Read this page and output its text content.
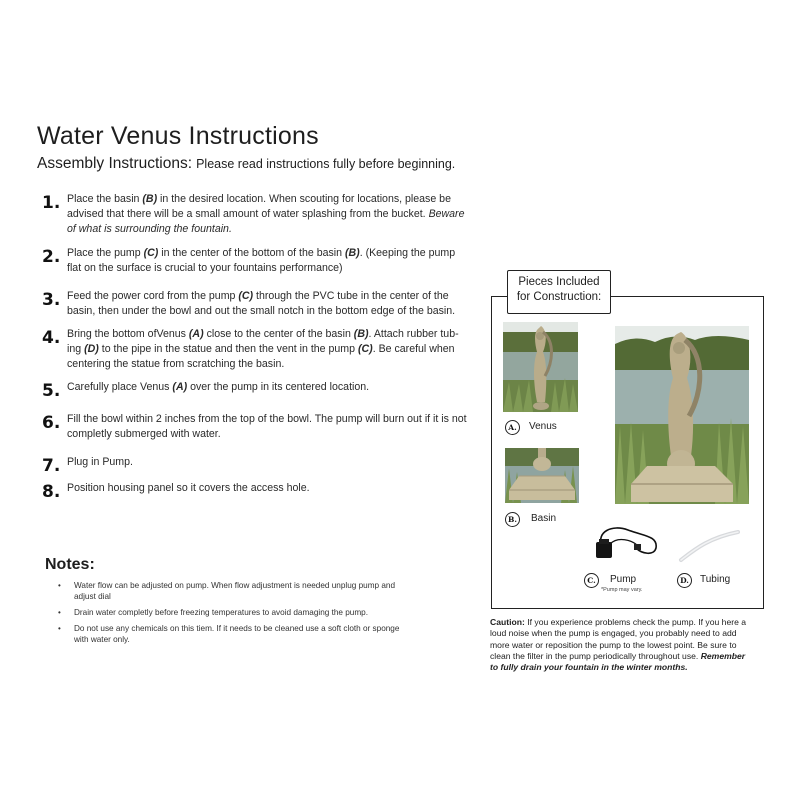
Water Venus Instructions
Assembly Instructions: Please read instructions fully before beginning.
1. Place the basin (B) in the desired location. When scouting for locations, please be advised that there will be a small amount of water splashing from the bucket. Beware of what is surrounding the fountain.
2. Place the pump (C) in the center of the bottom of the basin (B). (Keeping the pump flat on the surface is crucial to your fountains performance)
3. Feed the power cord from the pump (C) through the PVC tube in the center of the basin, then under the bowl and out the small notch in the bottom edge of the basin.
4. Bring the bottom ofVenus (A) close to the center of the basin (B). Attach rubber tub-ing (D) to the pipe in the statue and then the vent in the pump (C). Be careful when centering the statue from scratching the basin.
5. Carefully place Venus (A) over the pump in its centered location.
6. Fill the bowl within 2 inches from the top of the bowl. The pump will burn out if it is not completly submerged with water.
7. Plug in Pump.
8. Position housing panel so it covers the access hole.
Notes:
• Water flow can be adjusted on pump. When flow adjustment is needed unplug pump and adjust dial
• Drain water completly before freezing temperatures to avoid damaging the pump.
• Do not use any chemicals on this tiem. If it needs to be cleaned use a soft cloth or sponge with water only.
Pieces Included
for Construction:
A.	Venus
B.	Basin
C.	Pump
*Pump may vary.
D.	Tubing
Caution: If you experience problems check the pump. If you here a loud noise when the pump is engaged, you probably need to add more water or reposition the pump to the lowest point. Be sure to clean the filter in the pump periodically throughout use. Remember to fully drain your fountain in the winter months.
